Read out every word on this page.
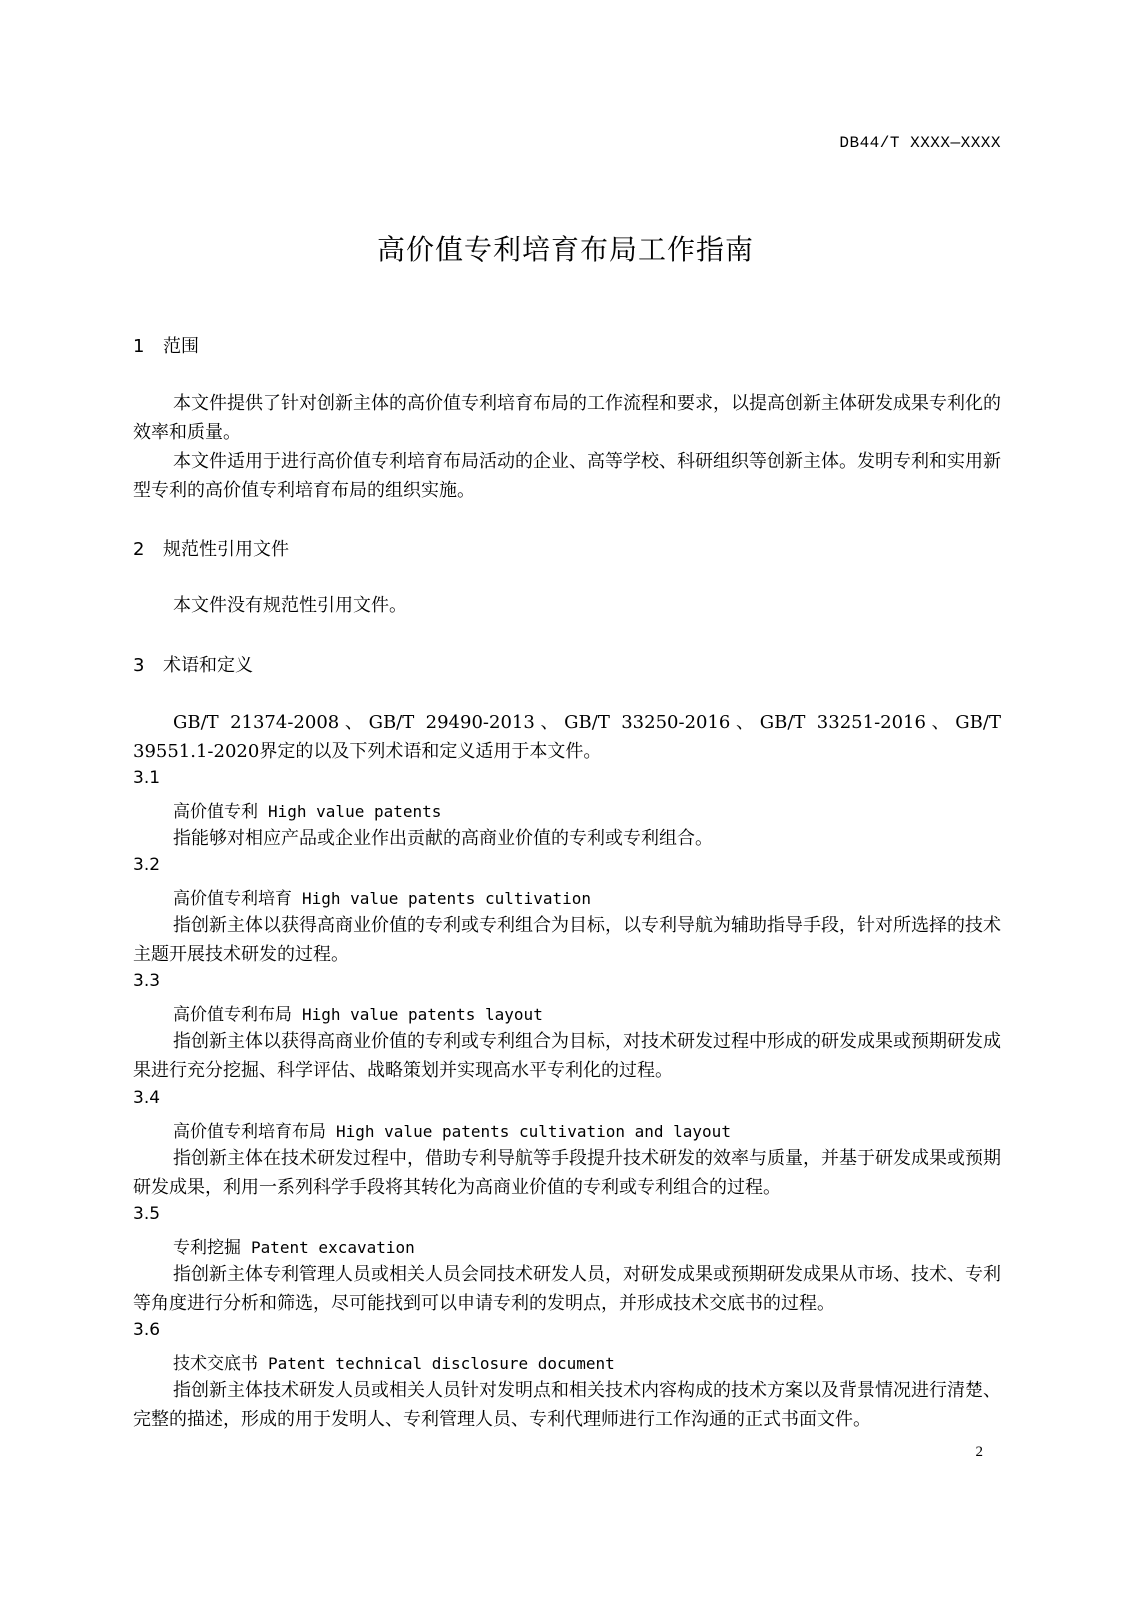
DB44/T XXXX—XXXX
高价值专利培育布局工作指南
1 范围
本文件提供了针对创新主体的高价值专利培育布局的工作流程和要求，以提高创新主体研发成果专利化的效率和质量。
本文件适用于进行高价值专利培育布局活动的企业、高等学校、科研组织等创新主体。发明专利和实用新型专利的高价值专利培育布局的组织实施。
2 规范性引用文件
本文件没有规范性引用文件。
3 术语和定义
GB/T 21374-2008、GB/T 29490-2013、GB/T 33250-2016、GB/T 33251-2016、GB/T 39551.1-2020界定的以及下列术语和定义适用于本文件。
3.1
高价值专利 High value patents
指能够对相应产品或企业作出贡献的高商业价值的专利或专利组合。
3.2
高价值专利培育 High value patents cultivation
指创新主体以获得高商业价值的专利或专利组合为目标，以专利导航为辅助指导手段，针对所选择的技术主题开展技术研发的过程。
3.3
高价值专利布局 High value patents layout
指创新主体以获得高商业价值的专利或专利组合为目标，对技术研发过程中形成的研发成果或预期研发成果进行充分挖掘、科学评估、战略策划并实现高水平专利化的过程。
3.4
高价值专利培育布局 High value patents cultivation and layout
指创新主体在技术研发过程中，借助专利导航等手段提升技术研发的效率与质量，并基于研发成果或预期研发成果，利用一系列科学手段将其转化为高商业价值的专利或专利组合的过程。
3.5
专利挖掘 Patent excavation
指创新主体专利管理人员或相关人员会同技术研发人员，对研发成果或预期研发成果从市场、技术、专利等角度进行分析和筛选，尽可能找到可以申请专利的发明点，并形成技术交底书的过程。
3.6
技术交底书 Patent technical disclosure document
指创新主体技术研发人员或相关人员针对发明点和相关技术内容构成的技术方案以及背景情况进行清楚、完整的描述，形成的用于发明人、专利管理人员、专利代理师进行工作沟通的正式书面文件。
2
